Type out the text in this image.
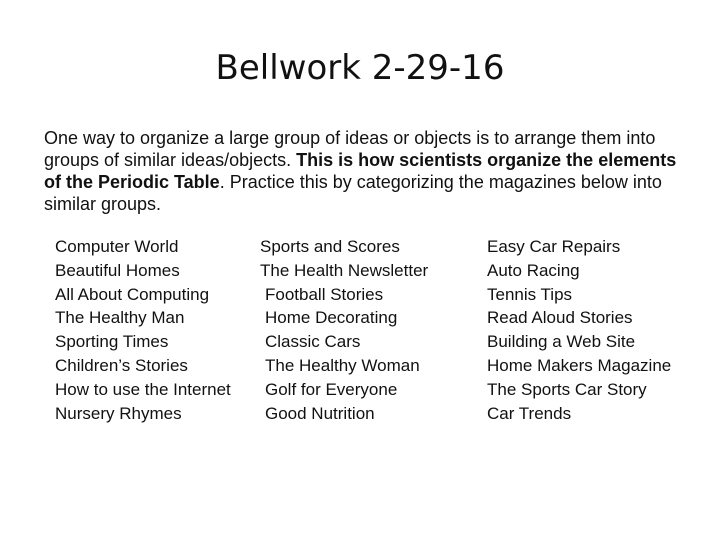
Bellwork 2-29-16

One way to organize a large group of ideas or objects is to arrange them into groups of similar ideas/objects. This is how scientists organize the elements of the Periodic Table. Practice this by categorizing the magazines below into similar groups.

Computer World
Beautiful Homes
All About Computing
The Healthy Man
Sporting Times
Children’s Stories
How to use the Internet
Nursery Rhymes
Sports and Scores
The Health Newsletter
Football Stories
Home Decorating
Classic Cars
The Healthy Woman
Golf for Everyone
Good Nutrition
Easy Car Repairs
Auto Racing
Tennis Tips
Read Aloud Stories
Building a Web Site
Home Makers Magazine
The Sports Car Story
Car Trends
